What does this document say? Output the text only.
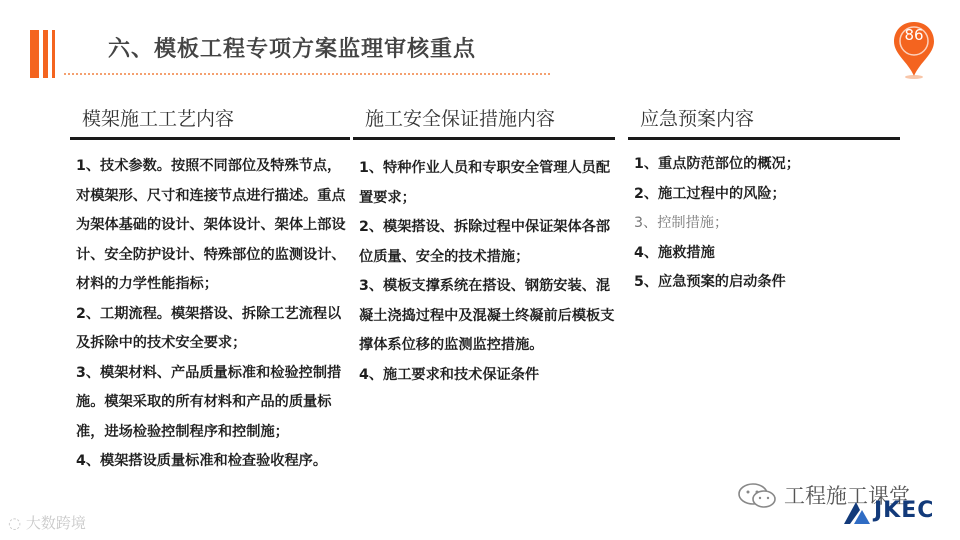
六、模板工程专项方案监理审核重点
86
模架施工工艺内容

1、技术参数。按照不同部位及特殊节点，对模架形、尺寸和连接节点进行描述。重点为架体基础的设计、架体设计、架体上部设计、安全防护设计、特殊部位的监测设计、材料的力学性能指标；

2、工期流程。模架搭设、拆除工艺流程以及拆除中的技术安全要求；

3、模架材料、产品质量标准和检验控制措施。模架采取的所有材料和产品的质量标准，进场检验控制程序和控制施；

4、模架搭设质量标准和检查验收程序。

施工安全保证措施内容

1、特种作业人员和专职安全管理人员配置要求；

2、模架搭设、拆除过程中保证架体各部位质量、安全的技术措施；

3、模板支撑系统在搭设、钢筋安装、混凝土浇捣过程中及混凝土终凝前后模板支撑体系位移的监测监控措施。

4、施工要求和技术保证条件

应急预案内容

1、重点防范部位的概况；

2、施工过程中的风险；

3、控制措施；

4、施救措施

5、应急预案的启动条件

◌ 大数跨境
工程施工课堂
JKEC
